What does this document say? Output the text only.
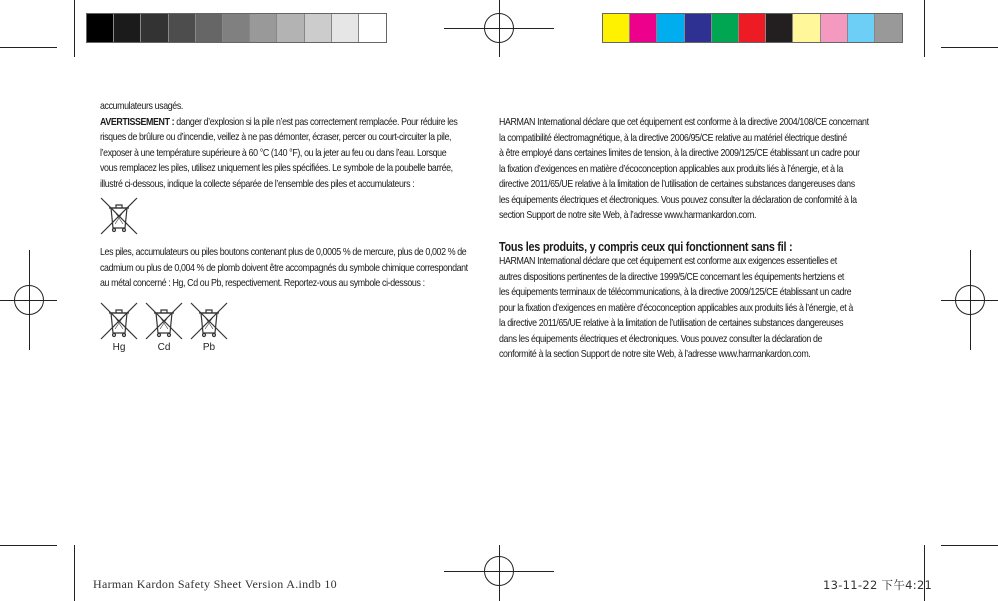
accumulateurs usagés.

AVERTISSEMENT : danger d’explosion si la pile n’est pas correctement remplacée. Pour réduire les
risques de brûlure ou d’incendie, veillez à ne pas démonter, écraser, percer ou court-circuiter la pile,
l’exposer à une température supérieure à 60 °C (140 °F), ou la jeter au feu ou dans l’eau. Lorsque
vous remplacez les piles, utilisez uniquement les piles spécifiées. Le symbole de la poubelle barrée,
illustré ci-dessous, indique la collecte séparée de l’ensemble des piles et accumulateurs :

Les piles, accumulateurs ou piles boutons contenant plus de 0,0005 % de mercure, plus de 0,002 % de
cadmium ou plus de 0,004 % de plomb doivent être accompagnés du symbole chimique correspondant
au métal concerné : Hg, Cd ou Pb, respectivement. Reportez-vous au symbole ci-dessous :

Hg	Cd	Pb

HARMAN International déclare que cet équipement est conforme à la directive 2004/108/CE concernant
la compatibilité électromagnétique, à la directive 2006/95/CE relative au matériel électrique destiné
à être employé dans certaines limites de tension, à la directive 2009/125/CE établissant un cadre pour
la fixation d’exigences en matière d’écoconception applicables aux produits liés à l’énergie, et à la
directive 2011/65/UE relative à la limitation de l’utilisation de certaines substances dangereuses dans
les équipements électriques et électroniques. Vous pouvez consulter la déclaration de conformité à la
section Support de notre site Web, à l’adresse www.harmankardon.com.

Tous les produits, y compris ceux qui fonctionnent sans fil :

HARMAN International déclare que cet équipement est conforme aux exigences essentielles et
autres dispositions pertinentes de la directive 1999/5/CE concernant les équipements hertziens et
les équipements terminaux de télécommunications, à la directive 2009/125/CE établissant un cadre
pour la fixation d’exigences en matière d’écoconception applicables aux produits liés à l’énergie, et à
la directive 2011/65/UE relative à la limitation de l’utilisation de certaines substances dangereuses
dans les équipements électriques et électroniques. Vous pouvez consulter la déclaration de
conformité à la section Support de notre site Web, à l’adresse www.harmankardon.com.

Harman Kardon Safety Sheet Version A.indb 10	13-11-22 下午4:21
